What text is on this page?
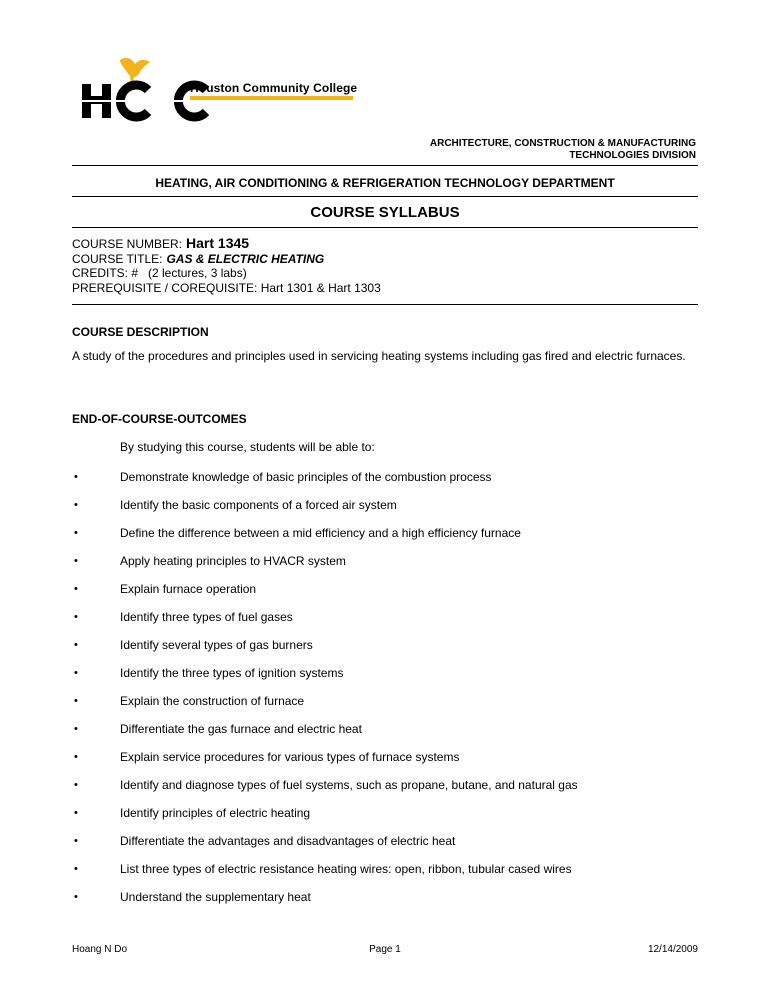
Houston Community College
ARCHITECTURE, CONSTRUCTION & MANUFACTURING
TECHNOLOGIES DIVISION
HEATING, AIR CONDITIONING & REFRIGERATION TECHNOLOGY DEPARTMENT
COURSE SYLLABUS
COURSE NUMBER: Hart 1345
COURSE TITLE: GAS & ELECTRIC HEATING
CREDITS: #   (2 lectures, 3 labs)
PREREQUISITE / COREQUISITE: Hart 1301 & Hart 1303
COURSE DESCRIPTION
A study of the procedures and principles used in servicing heating systems including gas fired and electric furnaces.
END-OF-COURSE-OUTCOMES
By studying this course, students will be able to:
•	Demonstrate knowledge of basic principles of the combustion process
•	Identify the basic components of a forced air system
•	Define the difference between a mid efficiency and a high efficiency furnace
•	Apply heating principles to HVACR system
•	Explain furnace operation
•	Identify three types of fuel gases
•	Identify several types of gas burners
•	Identify the three types of ignition systems
•	Explain the construction of furnace
•	Differentiate the gas furnace and electric heat
•	Explain service procedures for various types of furnace systems
•	Identify and diagnose types of fuel systems, such as propane, butane, and natural gas
•	Identify principles of electric heating
•	Differentiate the advantages and disadvantages of electric heat
•	List three types of electric resistance heating wires: open, ribbon, tubular cased wires
•	Understand the supplementary heat
Hoang N Do	Page 1	12/14/2009
